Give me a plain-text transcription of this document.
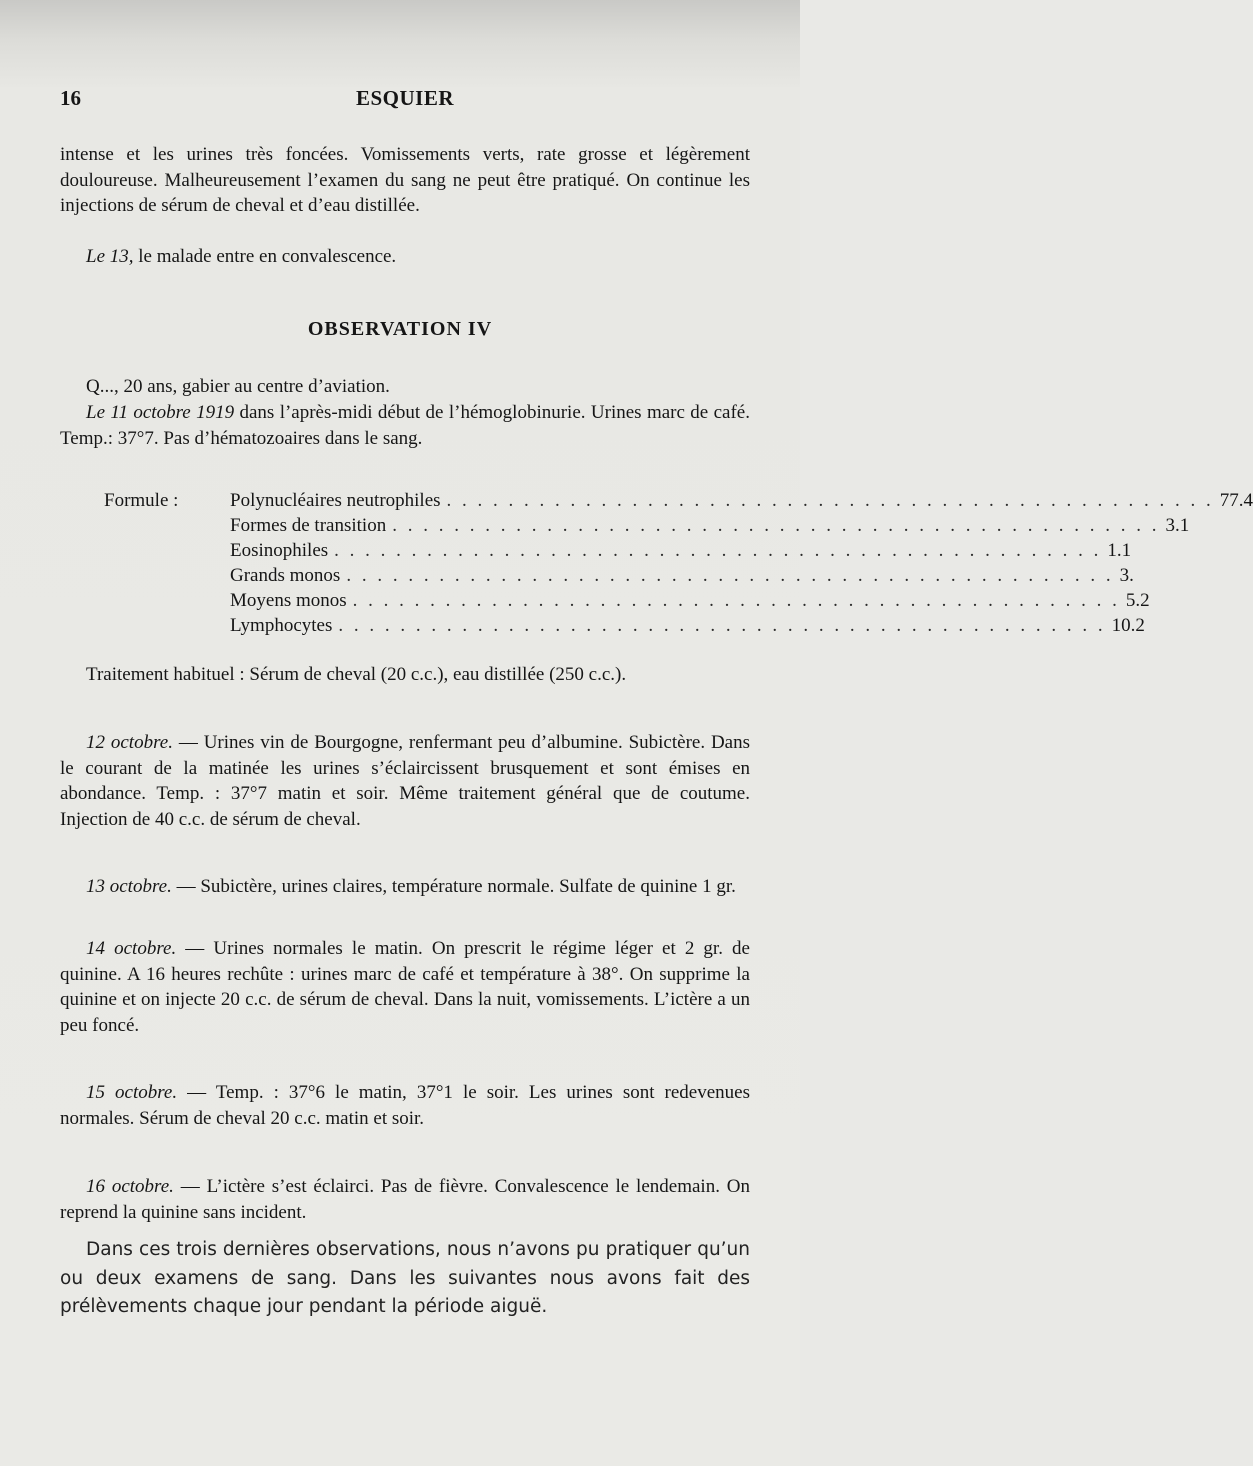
16	ESQUIER

intense et les urines très foncées. Vomissements verts, rate grosse et légèrement douloureuse. Malheureusement l’examen du sang ne peut être pratiqué. On continue les injections de sérum de cheval et d’eau distillée.

Le 13, le malade entre en convalescence.

OBSERVATION IV

Q..., 20 ans, gabier au centre d’aviation.

Le 11 octobre 1919 dans l’après-midi début de l’hémoglobinurie. Urines marc de café. Temp.: 37°7. Pas d’hématozoaires dans le sang.

Formule :	Polynucléaires neutrophiles . . .	77.4
Formes de transition . . .	3.1
Eosinophiles . . .	1.1
Grands monos . . .	3.
Moyens monos . . .	5.2
Lymphocytes . . .	10.2

Traitement habituel : Sérum de cheval (20 c.c.), eau distillée (250 c.c.).

12 octobre. — Urines vin de Bourgogne, renfermant peu d’albumine. Subictère. Dans le courant de la matinée les urines s’éclaircissent brusquement et sont émises en abondance. Temp. : 37°7 matin et soir. Même traitement général que de coutume. Injection de 40 c.c. de sérum de cheval.

13 octobre. — Subictère, urines claires, température normale. Sulfate de quinine 1 gr.

14 octobre. — Urines normales le matin. On prescrit le régime léger et 2 gr. de quinine. A 16 heures rechûte : urines marc de café et température à 38°. On supprime la quinine et on injecte 20 c.c. de sérum de cheval. Dans la nuit, vomissements. L’ictère a un peu foncé.

15 octobre. — Temp. : 37°6 le matin, 37°1 le soir. Les urines sont redevenues normales. Sérum de cheval 20 c.c. matin et soir.

16 octobre. — L’ictère s’est éclairci. Pas de fièvre. Convalescence le lendemain. On reprend la quinine sans incident.

Dans ces trois dernières observations, nous n’avons pu pratiquer qu’un ou deux examens de sang. Dans les suivantes nous avons fait des prélèvements chaque jour pendant la période aiguë.
